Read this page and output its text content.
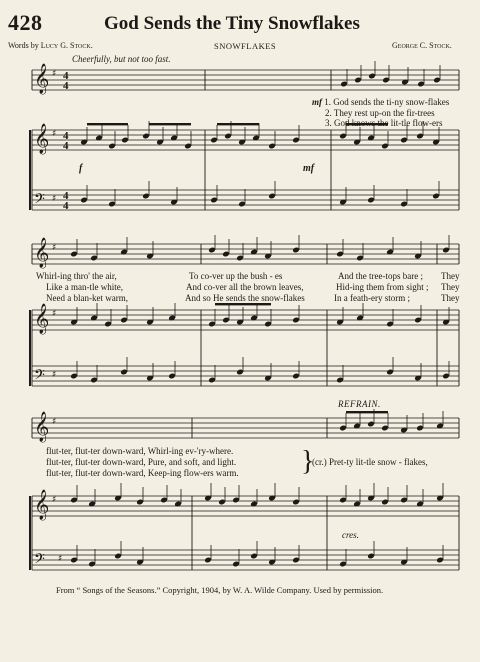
428	God Sends the Tiny Snowflakes
Words by Lucy G. Stock.	SNOWFLAKES	George C. Stock.
Cheerfully, but not too fast.
𝄞
𝄞
𝄢
♯
♯
♯
4
4
4
4
4
4
𝄞
𝄞
𝄢
♯
♯
♯
𝄞
𝄞
𝄢
♯
♯
♯
f	mf
mf 1. God sends the ti-ny snow-flakes
2. They rest up-on the fir-trees
3. God knows the lit-tle flow-ers
Whirl-ing thro' the air,	To co-ver up the bush - es	And the tree-tops bare ; They
Like a man-tle white,	And co-ver all the brown leaves,	Hid-ing them from sight ; They
Need a blan-ket warm,	And so He sends the snow-flakes	In a feath-ery storm ;	They
REFRAIN.
flut-ter, flut-ter down-ward, Whirl-ing ev-'ry-where.
flut-ter, flut-ter down-ward, Pure, and soft, and light.
flut-ter, flut-ter down-ward, Keep-ing flow-ers warm. }
(cr.) Pret-ty lit-tle snow - flakes,
cres.
From “ Songs of the Seasons.” Copyright, 1904, by W. A. Wilde Company. Used by permission.
